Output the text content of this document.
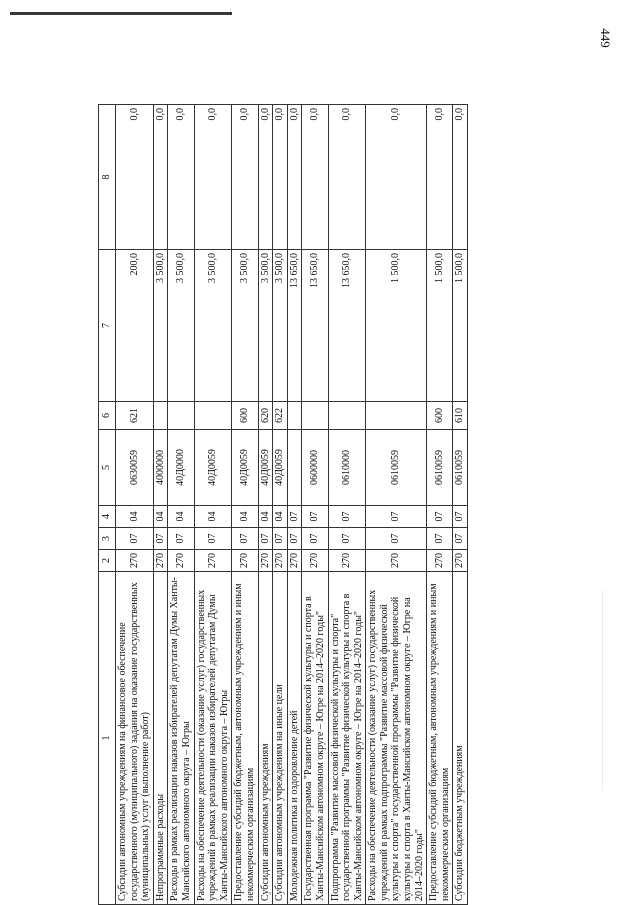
449
1	2	3	4	5	6	7	8
Субсидии автономным учреждениям на финансовое обеспечение государственного (муниципального) задания на оказание государственных (муниципальных) услуг (выполнение работ)	270	07	04	0630059	621	200,0	0,0
Непрограммные расходы	270	07	04	4000000		3 500,0	0,0
Расходы в рамках реализации наказов избирателей депутатам Думы Ханты-Мансийского автономного округа – Югры	270	07	04	40Д0000		3 500,0	0,0
Расходы на обеспечение деятельности (оказание услуг) государственных учреждений в рамках реализации наказов избирателей депутатам Думы Ханты-Мансийского автономного округа – Югры	270	07	04	40Д0059		3 500,0	0,0
Предоставление субсидий бюджетным, автономным учреждениям и иным некоммерческим организациям	270	07	04	40Д0059	600	3 500,0	0,0
Субсидии автономным учреждениям	270	07	04	40Д0059	620	3 500,0	0,0
Субсидии автономным учреждениям на иные цели	270	07	04	40Д0059	622	3 500,0	0,0
Молодежная политика и оздоровление детей	270	07	07			13 650,0	0,0
Государственная программа "Развитие физической культуры и спорта в Ханты-Мансийском автономном округе – Югре на 2014–2020 годы"	270	07	07	0600000		13 650,0	0,0
Подпрограмма "Развитие массовой физической культуры и спорта" государственной программы "Развитие физической культуры и спорта в Ханты-Мансийском автономном округе – Югре на 2014–2020 годы"	270	07	07	0610000		13 650,0	0,0
Расходы на обеспечение деятельности (оказание услуг) государственных учреждений в рамках подпрограммы "Развитие массовой физической культуры и спорта" государственной программы "Развитие физической культуры и спорта в Ханты-Мансийском автономном округе – Югре на 2014–2020 годы"	270	07	07	0610059		1 500,0	0,0
Предоставление субсидий бюджетным, автономным учреждениям и иным некоммерческим организациям	270	07	07	0610059	600	1 500,0	0,0
Субсидии бюджетным учреждениям	270	07	07	0610059	610	1 500,0	0,0
